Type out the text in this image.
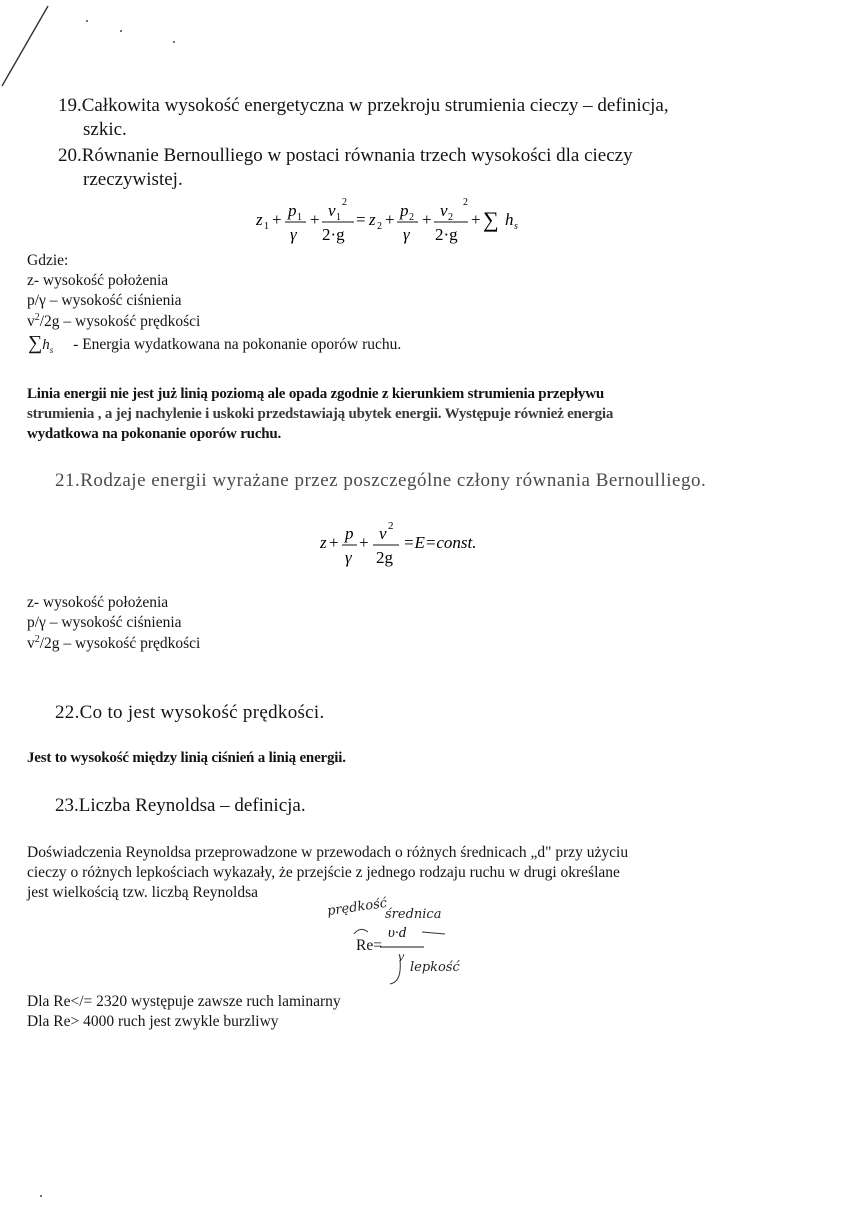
19.Całkowita wysokość energetyczna w przekroju strumienia cieczy – definicja,
szkic.
20.Równanie Bernoulliego w postaci równania trzech wysokości dla cieczy
rzeczywistej.
z 1 + p 1
γ
+ v 1
2
2·g
= z 2 + p 2
γ
+ v 2
2
2·g
+ ∑ h s
Gdzie:
z- wysokość położenia
p/γ – wysokość ciśnienia
$v^2/2g$ – wysokość prędkości
$\sum h_s$ - Energia wydatkowana na pokonanie oporów ruchu.
Linia energii nie jest już linią poziomą ale opada zgodnie z kierunkiem strumienia przepływu
strumienia , a jej nachylenie i uskoki przedstawiają ubytek energii. Występuje również energia
wydatkowa na pokonanie oporów ruchu.
21.Rodzaje energii wyrażane przez poszczególne człony równania Bernoulliego.
z + p
γ
+ v 2
2g
=E=const.
z- wysokość położenia
p/γ – wysokość ciśnienia
$v^2/2g$ – wysokość prędkości
22.Co to jest wysokość prędkości.
Jest to wysokość między linią ciśnień a linią energii.
23.Liczba Reynoldsa – definicja.
Doświadczenia Reynoldsa przeprowadzone w przewodach o różnych średnicach „d" przy użyciu
cieczy o różnych lepkościach wykazały, że przejście z jednego rodzaju ruchu w drugi określane
jest wielkością tzw. liczbą Reynoldsa
prędkość
średnica
Re=
υ·d
ν
lepkość
Dla Re</= 2320 występuje zawsze ruch laminarny
Dla Re> 4000 ruch jest zwykle burzliwy
